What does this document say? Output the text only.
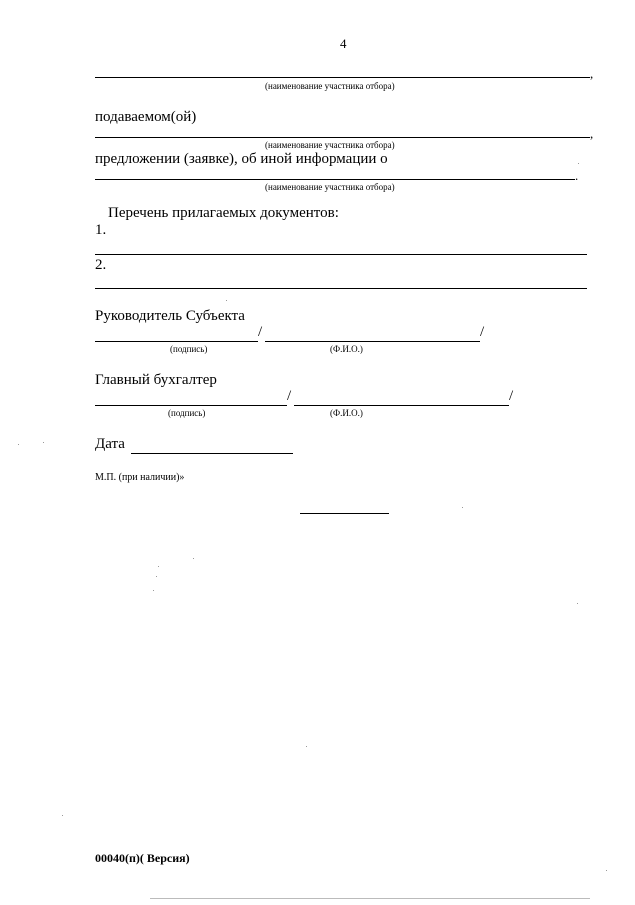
4
,
(наименование участника отбора)
подаваемом(ой)
,
(наименование участника отбора)
предложении (заявке), об иной информации о
.
(наименование участника отбора)
Перечень прилагаемых документов:
1.
2.
Руководитель Субъекта
/	/
(подпись)	(Ф.И.О.)
Главный бухгалтер
/	/
(подпись)	(Ф.И.О.)
Дата
М.П. (при наличии)»
00040(п)( Версия)
